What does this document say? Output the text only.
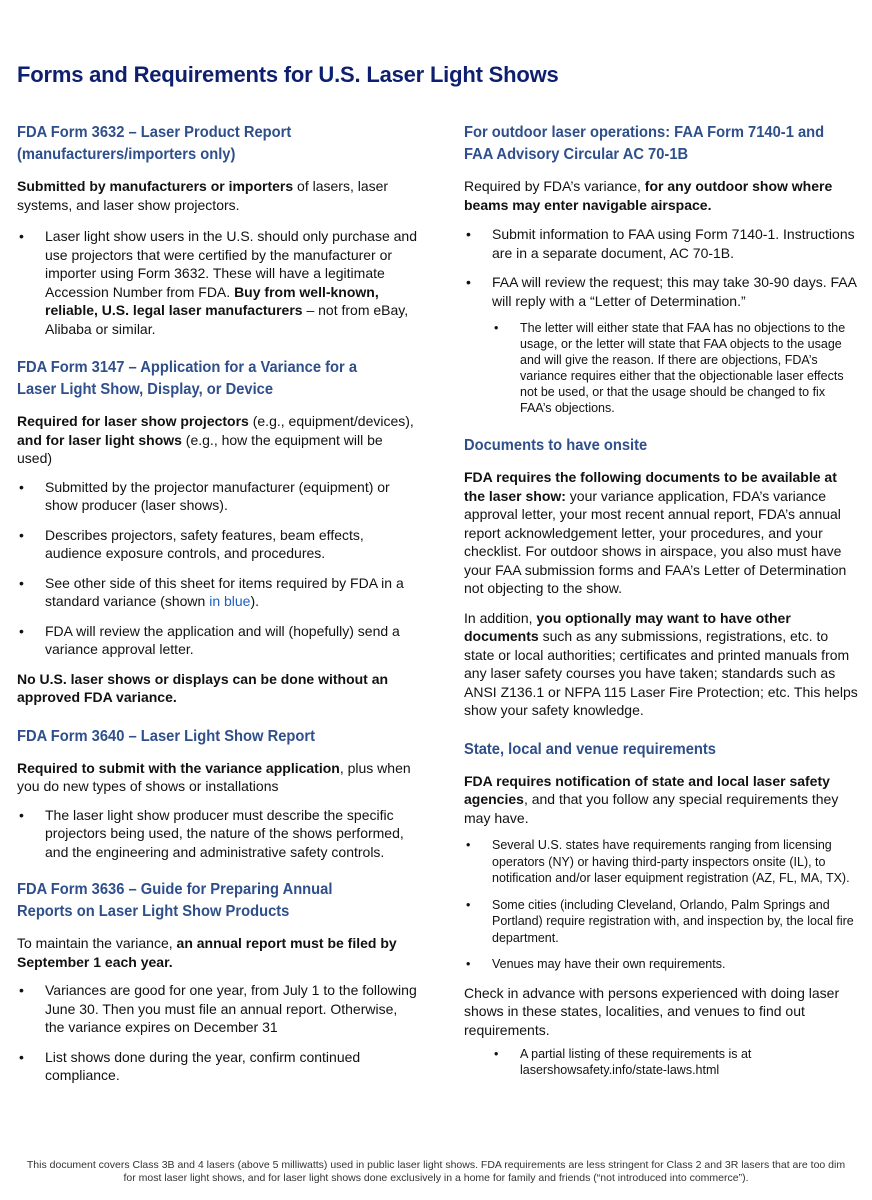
Forms and Requirements for U.S. Laser Light Shows
FDA Form 3632 – Laser Product Report
(manufacturers/importers only)

Submitted by manufacturers or importers of lasers, laser systems, and laser show projectors.

• Laser light show users in the U.S. should only purchase and use projectors that were certified by the manufacturer or importer using Form 3632. These will have a legitimate Accession Number from FDA. Buy from well-known, reliable, U.S. legal laser manufacturers – not from eBay, Alibaba or similar.
FDA Form 3147 – Application for a Variance for a
Laser Light Show, Display, or Device

Required for laser show projectors (e.g., equipment/devices), and for laser light shows (e.g., how the equipment will be used)

• Submitted by the projector manufacturer (equipment) or show producer (laser shows).
• Describes projectors, safety features, beam effects, audience exposure controls, and procedures.
• See other side of this sheet for items required by FDA in a standard variance (shown in blue).
• FDA will review the application and will (hopefully) send a variance approval letter.

No U.S. laser shows or displays can be done without an approved FDA variance.

FDA Form 3640 – Laser Light Show Report

Required to submit with the variance application, plus when you do new types of shows or installations

• The laser light show producer must describe the specific projectors being used, the nature of the shows performed, and the engineering and administrative safety controls.
FDA Form 3636 – Guide for Preparing Annual
Reports on Laser Light Show Products

To maintain the variance, an annual report must be filed by September 1 each year.

• Variances are good for one year, from July 1 to the following June 30. Then you must file an annual report. Otherwise, the variance expires on December 31
• List shows done during the year, confirm continued compliance.
For outdoor laser operations: FAA Form 7140-1 and
FAA Advisory Circular AC 70-1B

Required by FDA’s variance, for any outdoor show where beams may enter navigable airspace.

• Submit information to FAA using Form 7140-1. Instructions are in a separate document, AC 70-1B.
• FAA will review the request; this may take 30-90 days. FAA will reply with a “Letter of Determination.”
• The letter will either state that FAA has no objections to the usage, or the letter will state that FAA objects to the usage and will give the reason. If there are objections, FDA’s variance requires either that the objectionable laser effects not be used, or that the usage should be changed to fix FAA’s objections.
Documents to have onsite

FDA requires the following documents to be available at the laser show: your variance application, FDA’s variance approval letter, your most recent annual report, FDA’s annual report acknowledgement letter, your procedures, and your checklist. For outdoor shows in airspace, you also must have your FAA submission forms and FAA’s Letter of Determination not objecting to the show.

In addition, you optionally may want to have other documents such as any submissions, registrations, etc. to state or local authorities; certificates and printed manuals from any laser safety courses you have taken; standards such as ANSI Z136.1 or NFPA 115 Laser Fire Protection; etc. This helps show your safety knowledge.

State, local and venue requirements

FDA requires notification of state and local laser safety agencies, and that you follow any special requirements they may have.

• Several U.S. states have requirements ranging from licensing operators (NY) or having third-party inspectors onsite (IL), to notification and/or laser equipment registration (AZ, FL, MA, TX).
• Some cities (including Cleveland, Orlando, Palm Springs and Portland) require registration with, and inspection by, the local fire department.
• Venues may have their own requirements.

Check in advance with persons experienced with doing laser shows in these states, localities, and venues to find out requirements.

• A partial listing of these requirements is at lasershowsafety.info/state-laws.html

This document covers Class 3B and 4 lasers (above 5 milliwatts) used in public laser light shows. FDA requirements are less stringent for Class 2 and 3R lasers that are too dim for most laser light shows, and for laser light shows done exclusively in a home for family and friends (“not introduced into commerce”).
